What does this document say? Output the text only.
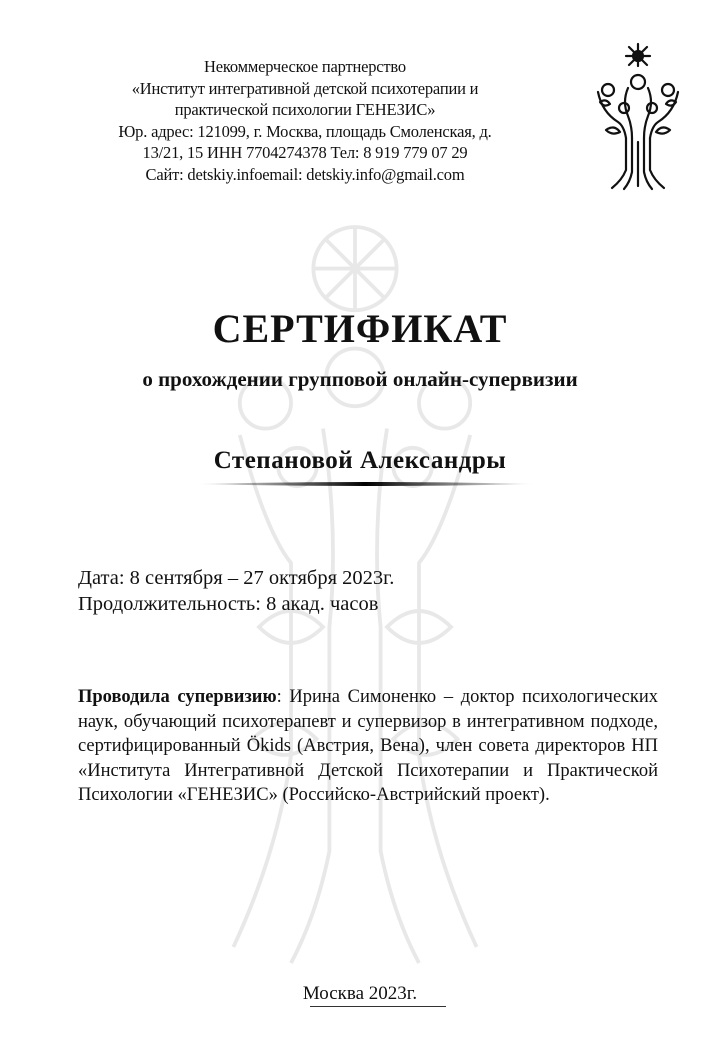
Некоммерческое партнерство
«Институт интегративной детской психотерапии и
практической психологии ГЕНЕЗИС»
Юр. адрес: 121099, г. Москва, площадь Смоленская, д.
13/21, 15 ИНН 7704274378 Тел: 8 919 779 07 29
Сайт: detskiy.infoemail: detskiy.info@gmail.com
СЕРТИФИКАТ
о прохождении групповой онлайн-супервизии
Степановой Александры
Дата: 8 сентября – 27 октября 2023г.
Продолжительность: 8 акад. часов
Проводила супервизию: Ирина Симоненко – доктор психологических наук, обучающий психотерапевт и супервизор в интегративном подходе, сертифицированный Ökids (Австрия, Вена), член совета директоров НП «Института Интегративной Детской Психотерапии и Практической Психологии «ГЕНЕЗИС» (Российско-Австрийский проект).
Москва 2023г.
